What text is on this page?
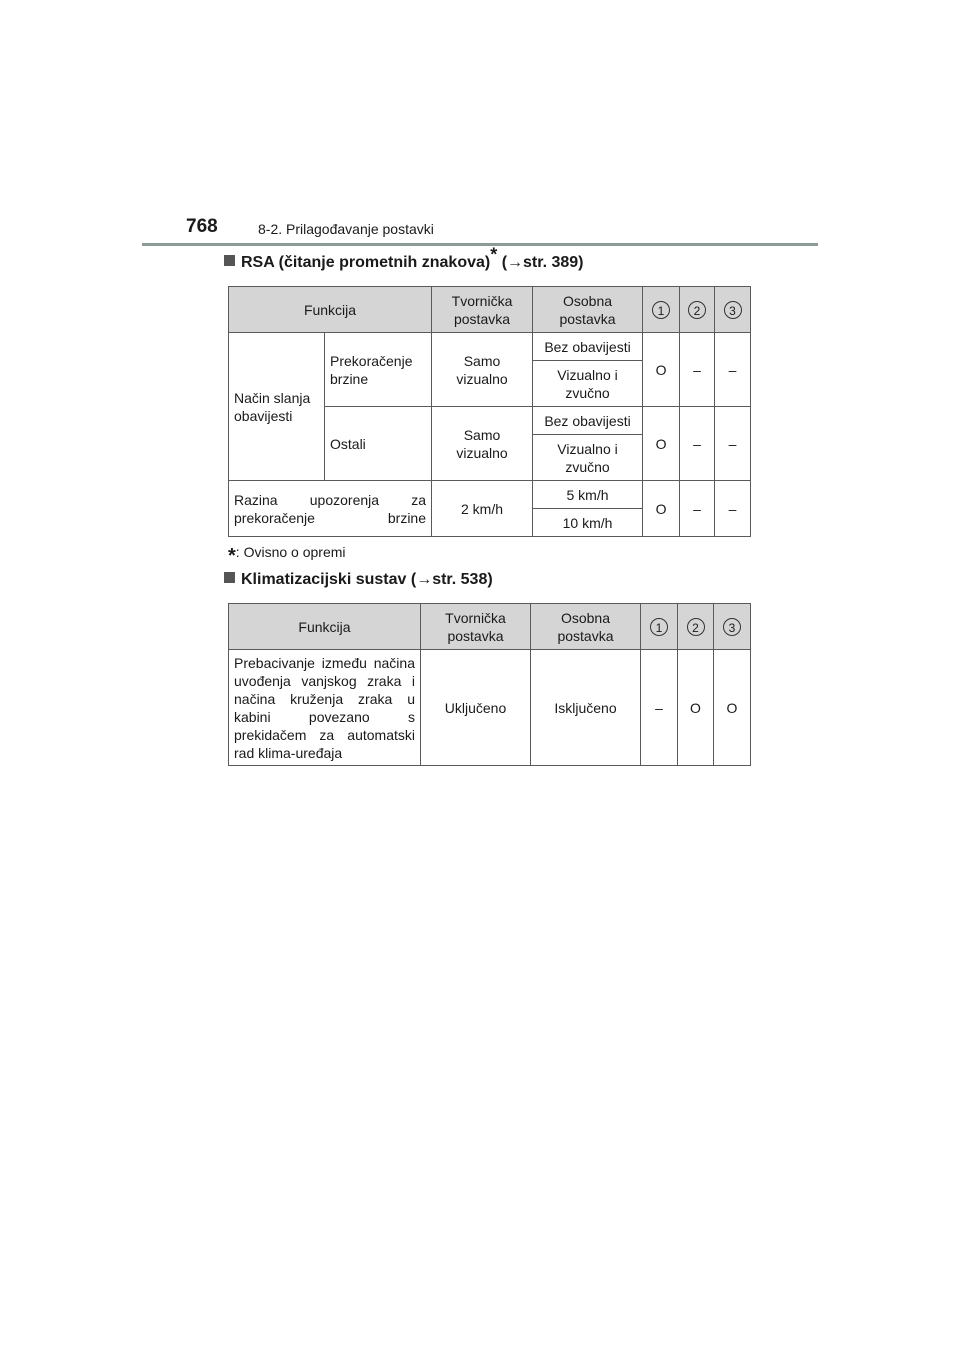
768	8-2. Prilagođavanje postavki
RSA (čitanje prometnih znakova)* (→str. 389)
Funkcija		Tvornička postavka	Osobna postavka	1	2	3
Način slanja obavijesti	Prekoračenje brzine	Samo vizualno	Bez obavijesti	O	–	–
			Vizualno i zvučno			
	Ostali	Samo vizualno	Bez obavijesti	O	–	–
			Vizualno i zvučno			
Razina upozorenja za prekoračenje brzine		2 km/h	5 km/h	O	–	–
			10 km/h			
*: Ovisno o opremi
Klimatizacijski sustav (→str. 538)
Funkcija	Tvornička postavka	Osobna postavka	1	2	3
Prebacivanje između načina uvođenja vanjskog zraka i načina kruženja zraka u kabini povezano s prekidačem za automatski rad klima-uređaja	Uključeno	Isključeno	–	O	O
